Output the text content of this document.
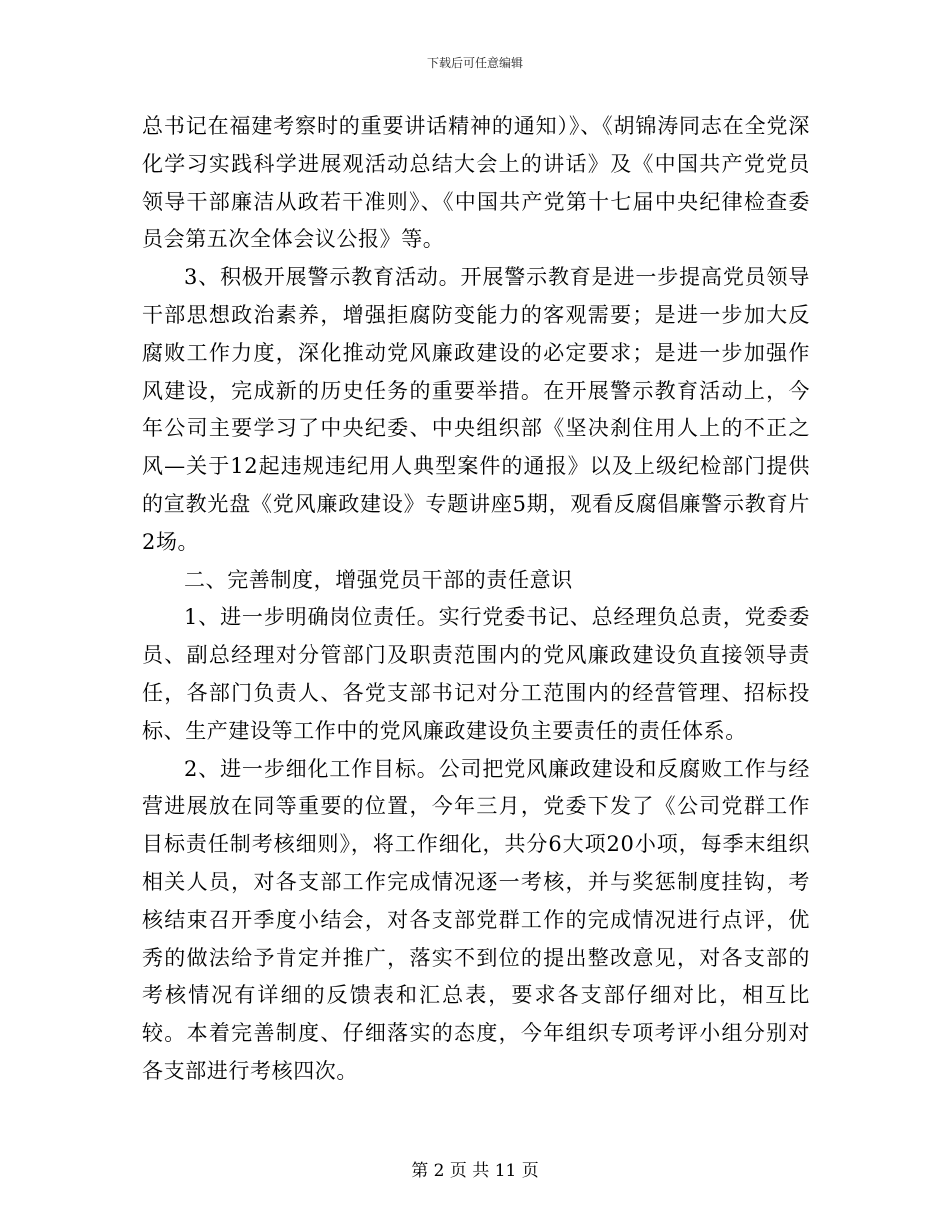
下载后可任意编辑

总书记在福建考察时的重要讲话精神的通知）》、《胡锦涛同志在全党深化学习实践科学进展观活动总结大会上的讲话》及《中国共产党党员领导干部廉洁从政若干准则》、《中国共产党第十七届中央纪律检查委员会第五次全体会议公报》等。

3、积极开展警示教育活动。开展警示教育是进一步提高党员领导干部思想政治素养，增强拒腐防变能力的客观需要；是进一步加大反腐败工作力度，深化推动党风廉政建设的必定要求；是进一步加强作风建设，完成新的历史任务的重要举措。在开展警示教育活动上，今年公司主要学习了中央纪委、中央组织部《坚决刹住用人上的不正之风—关于12起违规违纪用人典型案件的通报》以及上级纪检部门提供的宣教光盘《党风廉政建设》专题讲座5期，观看反腐倡廉警示教育片2场。

二、完善制度，增强党员干部的责任意识

1、进一步明确岗位责任。实行党委书记、总经理负总责，党委委员、副总经理对分管部门及职责范围内的党风廉政建设负直接领导责任，各部门负责人、各党支部书记对分工范围内的经营管理、招标投标、生产建设等工作中的党风廉政建设负主要责任的责任体系。

2、进一步细化工作目标。公司把党风廉政建设和反腐败工作与经营进展放在同等重要的位置，今年三月，党委下发了《公司党群工作目标责任制考核细则》，将工作细化，共分6大项20小项，每季末组织相关人员，对各支部工作完成情况逐一考核，并与奖惩制度挂钩，考核结束召开季度小结会，对各支部党群工作的完成情况进行点评，优秀的做法给予肯定并推广，落实不到位的提出整改意见，对各支部的考核情况有详细的反馈表和汇总表，要求各支部仔细对比，相互比较。本着完善制度、仔细落实的态度，今年组织专项考评小组分别对各支部进行考核四次。

第 2 页 共 11 页
